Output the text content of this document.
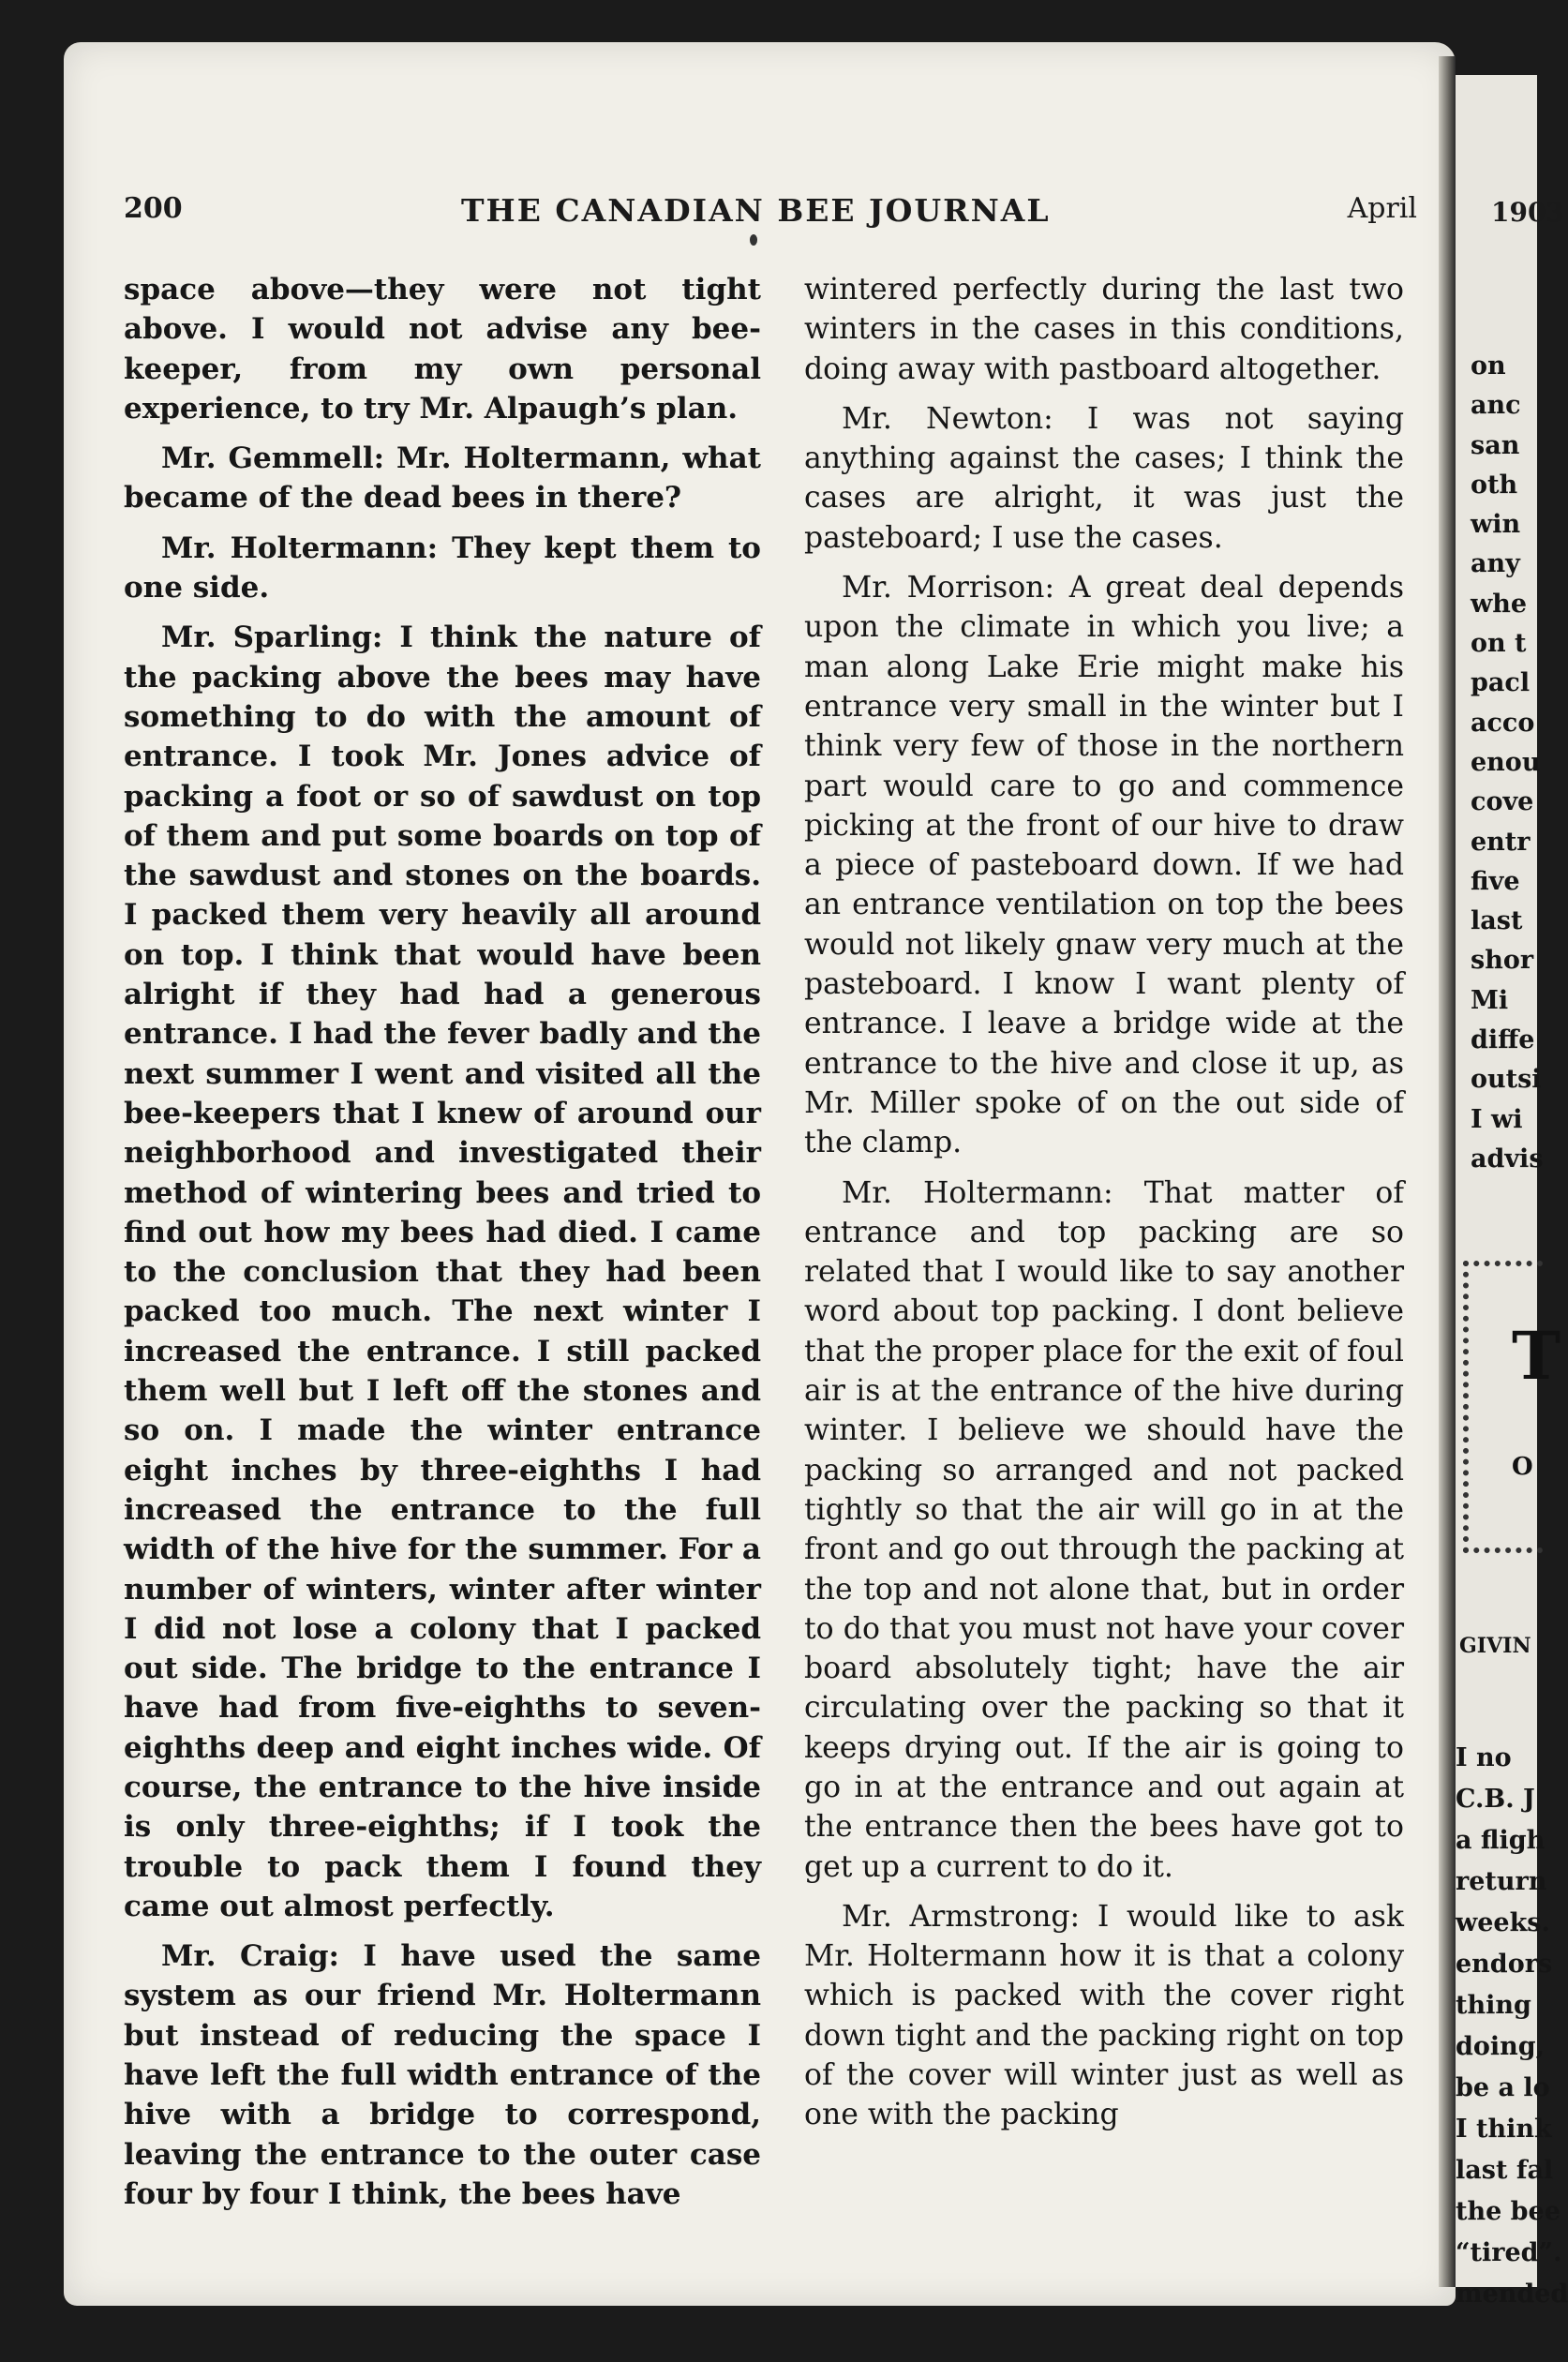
200	THE CANADIAN BEE JOURNAL	April

space above—they were not tight above. I would not advise any bee-keeper, from my own personal experience, to try Mr. Alpaugh’s plan.

Mr. Gemmell: Mr. Holtermann, what became of the dead bees in there?

Mr. Holtermann: They kept them to one side.

Mr. Sparling: I think the nature of the packing above the bees may have something to do with the amount of entrance. I took Mr. Jones advice of packing a foot or so of sawdust on top of them and put some boards on top of the sawdust and stones on the boards. I packed them very heavily all around on top. I think that would have been alright if they had had a generous entrance. I had the fever badly and the next summer I went and visited all the bee-keepers that I knew of around our neighborhood and investigated their method of wintering bees and tried to find out how my bees had died. I came to the conclusion that they had been packed too much. The next winter I increased the entrance. I still packed them well but I left off the stones and so on. I made the winter entrance eight inches by three-eighths I had increased the entrance to the full width of the hive for the summer. For a number of winters, winter after winter I did not lose a colony that I packed out side. The bridge to the entrance I have had from five-eighths to seven-eighths deep and eight inches wide. Of course, the entrance to the hive inside is only three-eighths; if I took the trouble to pack them I found they came out almost perfectly.

Mr. Craig: I have used the same system as our friend Mr. Holtermann but instead of reducing the space I have left the full width entrance of the hive with a bridge to correspond, leaving the entrance to the outer case four by four I think, the bees have

wintered perfectly during the last two winters in the cases in this conditions, doing away with pastboard altogether.

Mr. Newton: I was not saying anything against the cases; I think the cases are alright, it was just the pasteboard; I use the cases.

Mr. Morrison: A great deal depends upon the climate in which you live; a man along Lake Erie might make his entrance very small in the winter but I think very few of those in the northern part would care to go and commence picking at the front of our hive to draw a piece of pasteboard down. If we had an entrance ventilation on top the bees would not likely gnaw very much at the pasteboard. I know I want plenty of entrance. I leave a bridge wide at the entrance to the hive and close it up, as Mr. Miller spoke of on the out side of the clamp.

Mr. Holtermann: That matter of entrance and top packing are so related that I would like to say another word about top packing. I dont believe that the proper place for the exit of foul air is at the entrance of the hive during winter. I believe we should have the packing so arranged and not packed tightly so that the air will go in at the front and go out through the packing at the top and not alone that, but in order to do that you must not have your cover board absolutely tight; have the air circulating over the packing so that it keeps drying out. If the air is going to go in at the entrance and out again at the entrance then the bees have got to get up a current to do it.

Mr. Armstrong: I would like to ask Mr. Holtermann how it is that a colony which is packed with the cover right down tight and the packing right on top of the cover will winter just as well as one with the packing

1903
on
anc
san
oth
win
any
whe
on t
pacl
acco
enou
cove
entr
five
last
shor
Mi
diffe
outsi
I wi
advis
T
O
GIVIN
I no
C.B. J
a fligh
return
weeks.
endors
thing
doing,
be a lo
I think
last fal
the bee
“tired”.
mended
